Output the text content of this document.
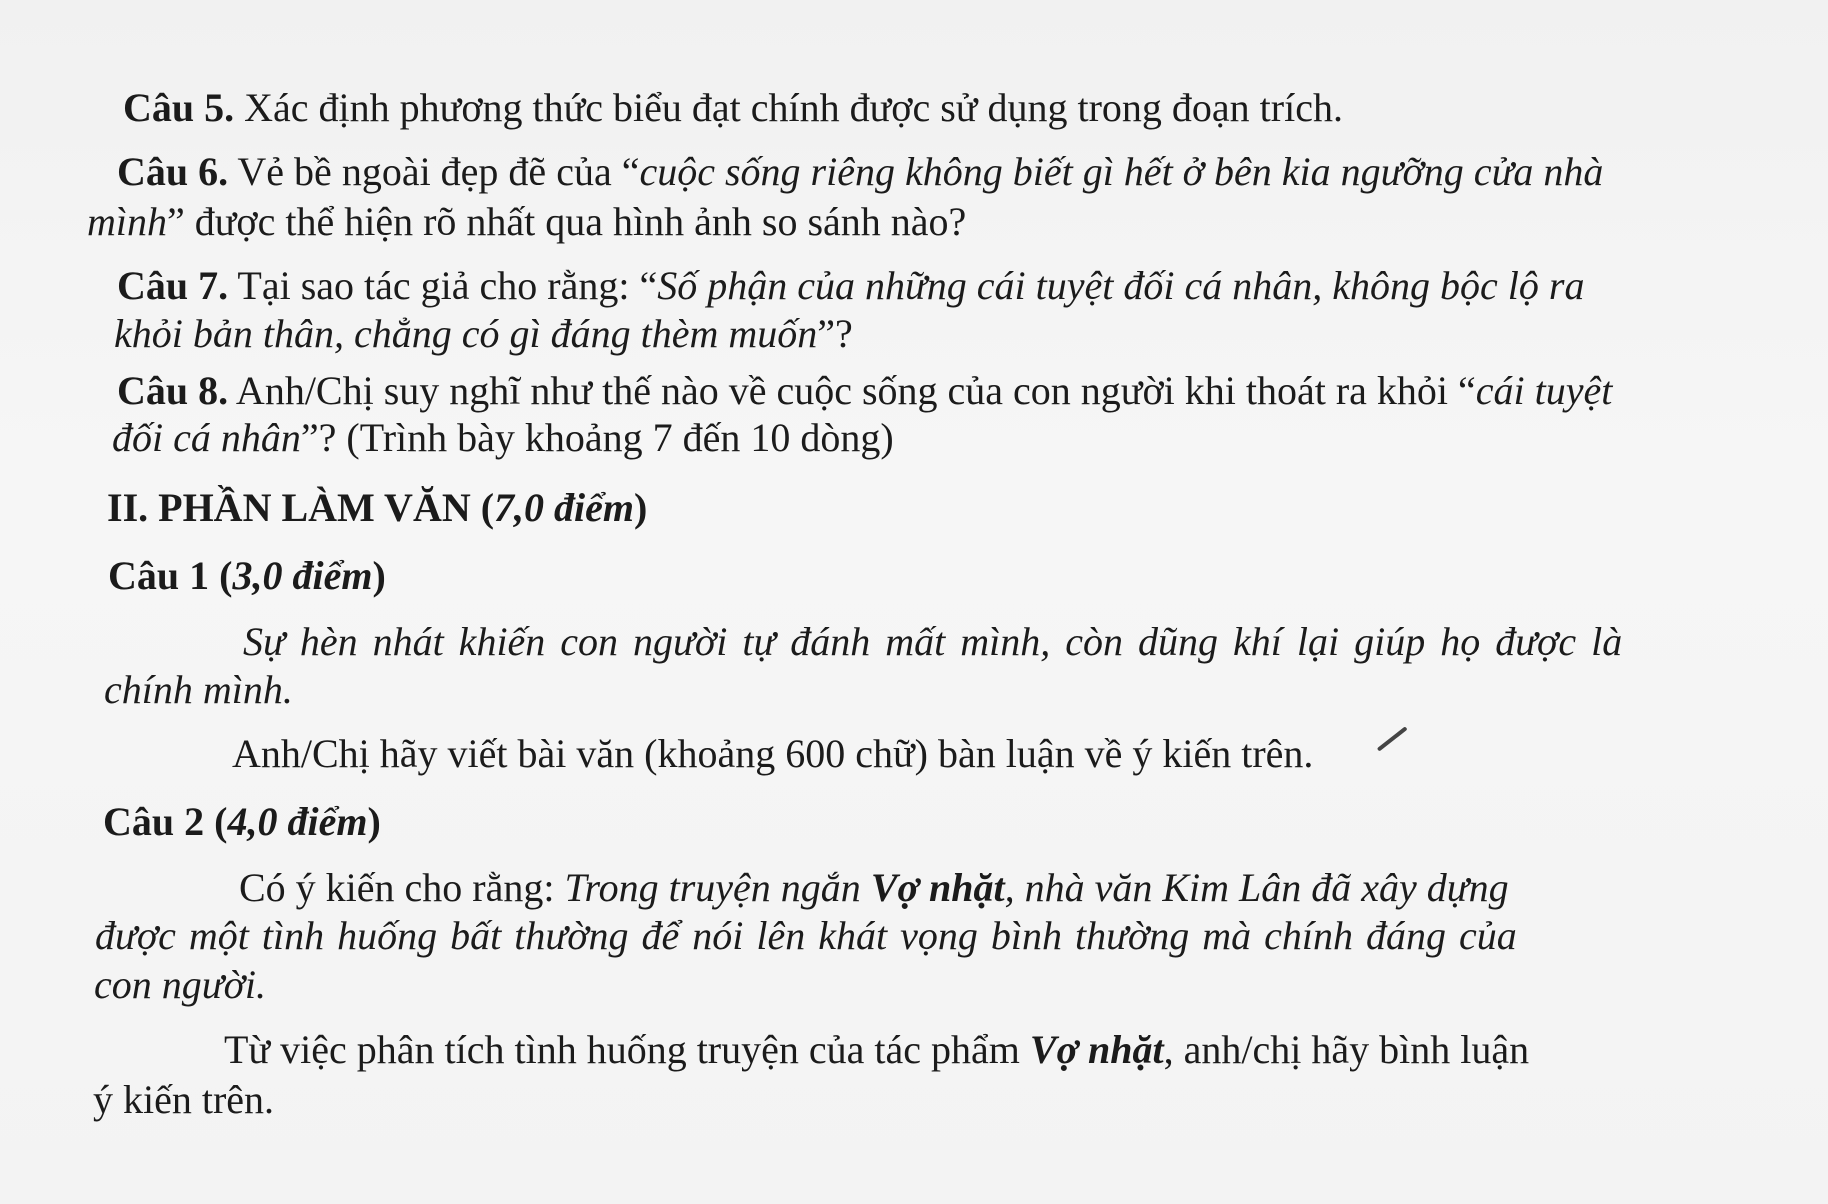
Câu 5. Xác định phương thức biểu đạt chính được sử dụng trong đoạn trích.
Câu 6. Vẻ bề ngoài đẹp đẽ của “cuộc sống riêng không biết gì hết ở bên kia ngưỡng cửa nhà
mình” được thể hiện rõ nhất qua hình ảnh so sánh nào?
Câu 7. Tại sao tác giả cho rằng: “Số phận của những cái tuyệt đối cá nhân, không bộc lộ ra
khỏi bản thân, chẳng có gì đáng thèm muốn”?
Câu 8. Anh/Chị suy nghĩ như thế nào về cuộc sống của con người khi thoát ra khỏi “cái tuyệt
đối cá nhân”? (Trình bày khoảng 7 đến 10 dòng)
II. PHẦN LÀM VĂN (7,0 điểm)
Câu 1 (3,0 điểm)
Sự hèn nhát khiến con người tự đánh mất mình, còn dũng khí lại giúp họ được là
chính mình.
Anh/Chị hãy viết bài văn (khoảng 600 chữ) bàn luận về ý kiến trên.
Câu 2 (4,0 điểm)
Có ý kiến cho rằng: Trong truyện ngắn Vợ nhặt, nhà văn Kim Lân đã xây dựng
được một tình huống bất thường để nói lên khát vọng bình thường mà chính đáng của
con người.
Từ việc phân tích tình huống truyện của tác phẩm Vợ nhặt, anh/chị hãy bình luận
ý kiến trên.
